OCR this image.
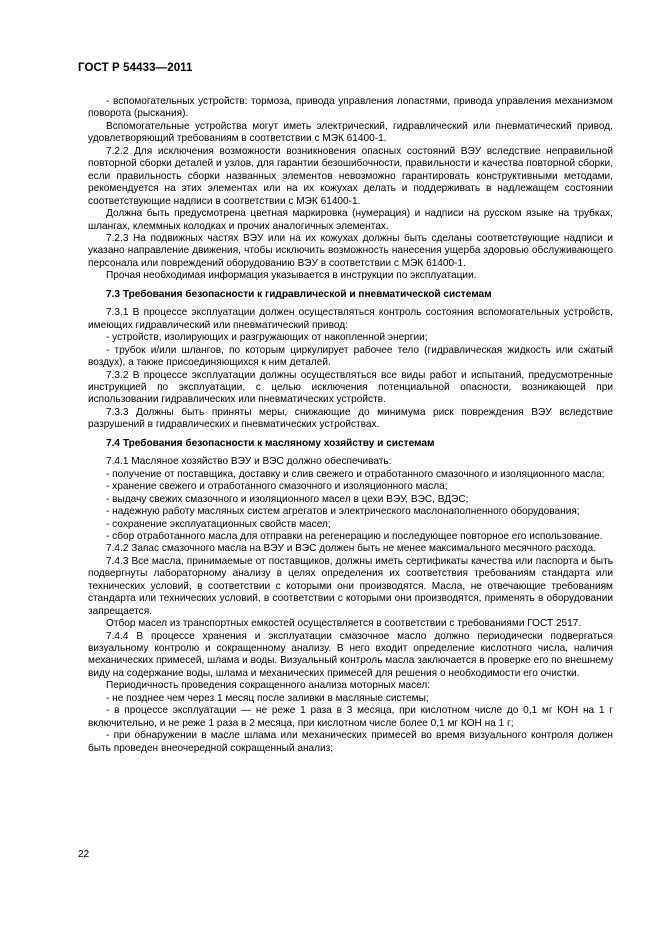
ГОСТ Р 54433—2011

- вспомогательных устройств: тормоза, привода управления лопастями, привода управления механизмом поворота (рыскания).

Вспомогательные устройства могут иметь электрический, гидравлический или пневматический привод, удовлетворяющий требованиям в соответствии с МЭК 61400-1.

7.2.2 Для исключения возможности возникновения опасных состояний ВЭУ вследствие неправильной повторной сборки деталей и узлов, для гарантии безошибочности, правильности и качества повторной сборки, если правильность сборки названных элементов невозможно гарантировать конструктивными методами, рекомендуется на этих элементах или на их кожухах делать и поддерживать в надлежащем состоянии соответствующие надписи в соответствии с МЭК 61400-1.

Должна быть предусмотрена цветная маркировка (нумерация) и надписи на русском языке на трубках, шлангах, клеммных колодках и прочих аналогичных элементах.

7.2.3 На подвижных частях ВЭУ или на их кожухах должны быть сделаны соответствующие надписи и указано направление движения, чтобы исключить возможность нанесения ущерба здоровью обслуживающего персонала или повреждений оборудованию ВЭУ в соответствии с МЭК 61400-1.

Прочая необходимая информация указывается в инструкции по эксплуатации.

7.3 Требования безопасности к гидравлической и пневматической системам

7.3.1 В процессе эксплуатации должен осуществляться контроль состояния вспомогательных устройств, имеющих гидравлический или пневматический привод:

- устройств, изолирующих и разгружающих от накопленной энергии;

- трубок и/или шлангов, по которым циркулирует рабочее тело (гидравлическая жидкость или сжатый воздух), а также присоединяющихся к ним деталей.

7.3.2 В процессе эксплуатации должны осуществляться все виды работ и испытаний, предусмотренные инструкцией по эксплуатации, с целью исключения потенциальной опасности, возникающей при использовании гидравлических или пневматических устройств.

7.3.3 Должны быть приняты меры, снижающие до минимума риск повреждения ВЭУ вследствие разрушений в гидравлических и пневматических устройствах.

7.4 Требования безопасности к масляному хозяйству и системам

7.4.1 Масляное хозяйство ВЭУ и ВЭС должно обеспечивать:

- получение от поставщика, доставку и слив свежего и отработанного смазочного и изоляционного масла;

- хранение свежего и отработанного смазочного и изоляционного масла;

- выдачу свежих смазочного и изоляционного масел в цехи ВЭУ, ВЭС, ВДЭС;

- надежную работу масляных систем агрегатов и электрического маслонаполненного оборудования;

- сохранение эксплуатационных свойств масел;

- сбор отработанного масла для отправки на регенерацию и последующее повторное его использование.

7.4.2 Запас смазочного масла на ВЭУ и ВЭС должен быть не менее максимального месячного расхода.

7.4.3 Все масла, принимаемые от поставщиков, должны иметь сертификаты качества или паспорта и быть подвергнуты лабораторному анализу в целях определения их соответствия требованиям стандарта или технических условий, в соответствии с которыми они производятся. Масла, не отвечающие требованиям стандарта или технических условий, в соответствии с которыми они производятся, применять в оборудовании запрещается.

Отбор масел из транспортных емкостей осуществляется в соответствии с требованиями ГОСТ 2517.

7.4.4 В процессе хранения и эксплуатации смазочное масло должно периодически подвергаться визуальному контролю и сокращенному анализу. В него входит определение кислотного числа, наличия механических примесей, шлама и воды. Визуальный контроль масла заключается в проверке его по внешнему виду на содержание воды, шлама и механических примесей для решения о необходимости его очистки.

Периодичность проведения сокращенного анализа моторных масел:

- не позднее чем через 1 месяц после заливки в масляные системы;

- в процессе эксплуатации — не реже 1 раза в 3 месяца, при кислотном числе до 0,1 мг КОН на 1 г включительно, и не реже 1 раза в 2 месяца, при кислотном числе более 0,1 мг КОН на 1 г;

- при обнаружении в масле шлама или механических примесей во время визуального контроля должен быть проведен внеочередной сокращенный анализ;

22
